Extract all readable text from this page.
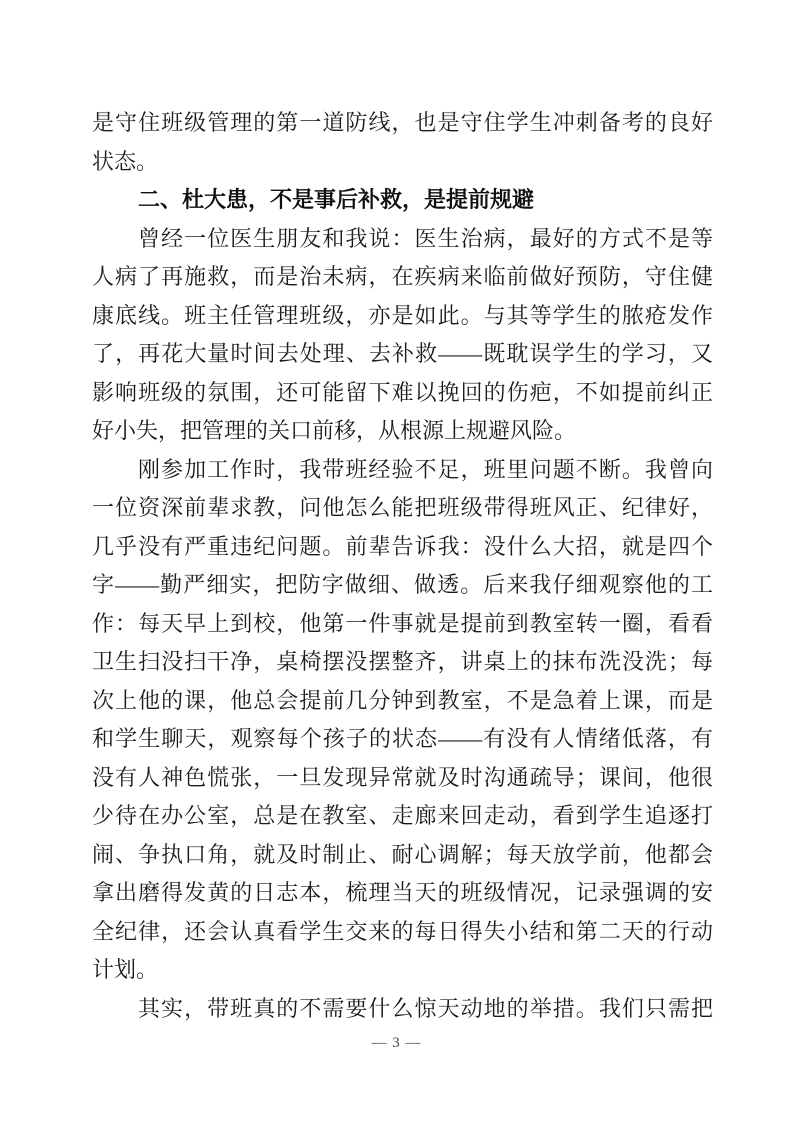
是守住班级管理的第一道防线，也是守住学生冲刺备考的良好
状态。
二、杜大患，不是事后补救，是提前规避
曾经一位医生朋友和我说：医生治病，最好的方式不是等
人病了再施救，而是治未病，在疾病来临前做好预防，守住健
康底线。班主任管理班级，亦是如此。与其等学生的脓疮发作
了，再花大量时间去处理、去补救——既耽误学生的学习，又
影响班级的氛围，还可能留下难以挽回的伤疤，不如提前纠正
好小失，把管理的关口前移，从根源上规避风险。
刚参加工作时，我带班经验不足，班里问题不断。我曾向
一位资深前辈求教，问他怎么能把班级带得班风正、纪律好，
几乎没有严重违纪问题。前辈告诉我：没什么大招，就是四个
字——勤严细实，把防字做细、做透。后来我仔细观察他的工
作：每天早上到校，他第一件事就是提前到教室转一圈，看看
卫生扫没扫干净，桌椅摆没摆整齐，讲桌上的抹布洗没洗；每
次上他的课，他总会提前几分钟到教室，不是急着上课，而是
和学生聊天，观察每个孩子的状态——有没有人情绪低落，有
没有人神色慌张，一旦发现异常就及时沟通疏导；课间，他很
少待在办公室，总是在教室、走廊来回走动，看到学生追逐打
闹、争执口角，就及时制止、耐心调解；每天放学前，他都会
拿出磨得发黄的日志本，梳理当天的班级情况，记录强调的安
全纪律，还会认真看学生交来的每日得失小结和第二天的行动
计划。
其实，带班真的不需要什么惊天动地的举措。我们只需把
— 3 —
